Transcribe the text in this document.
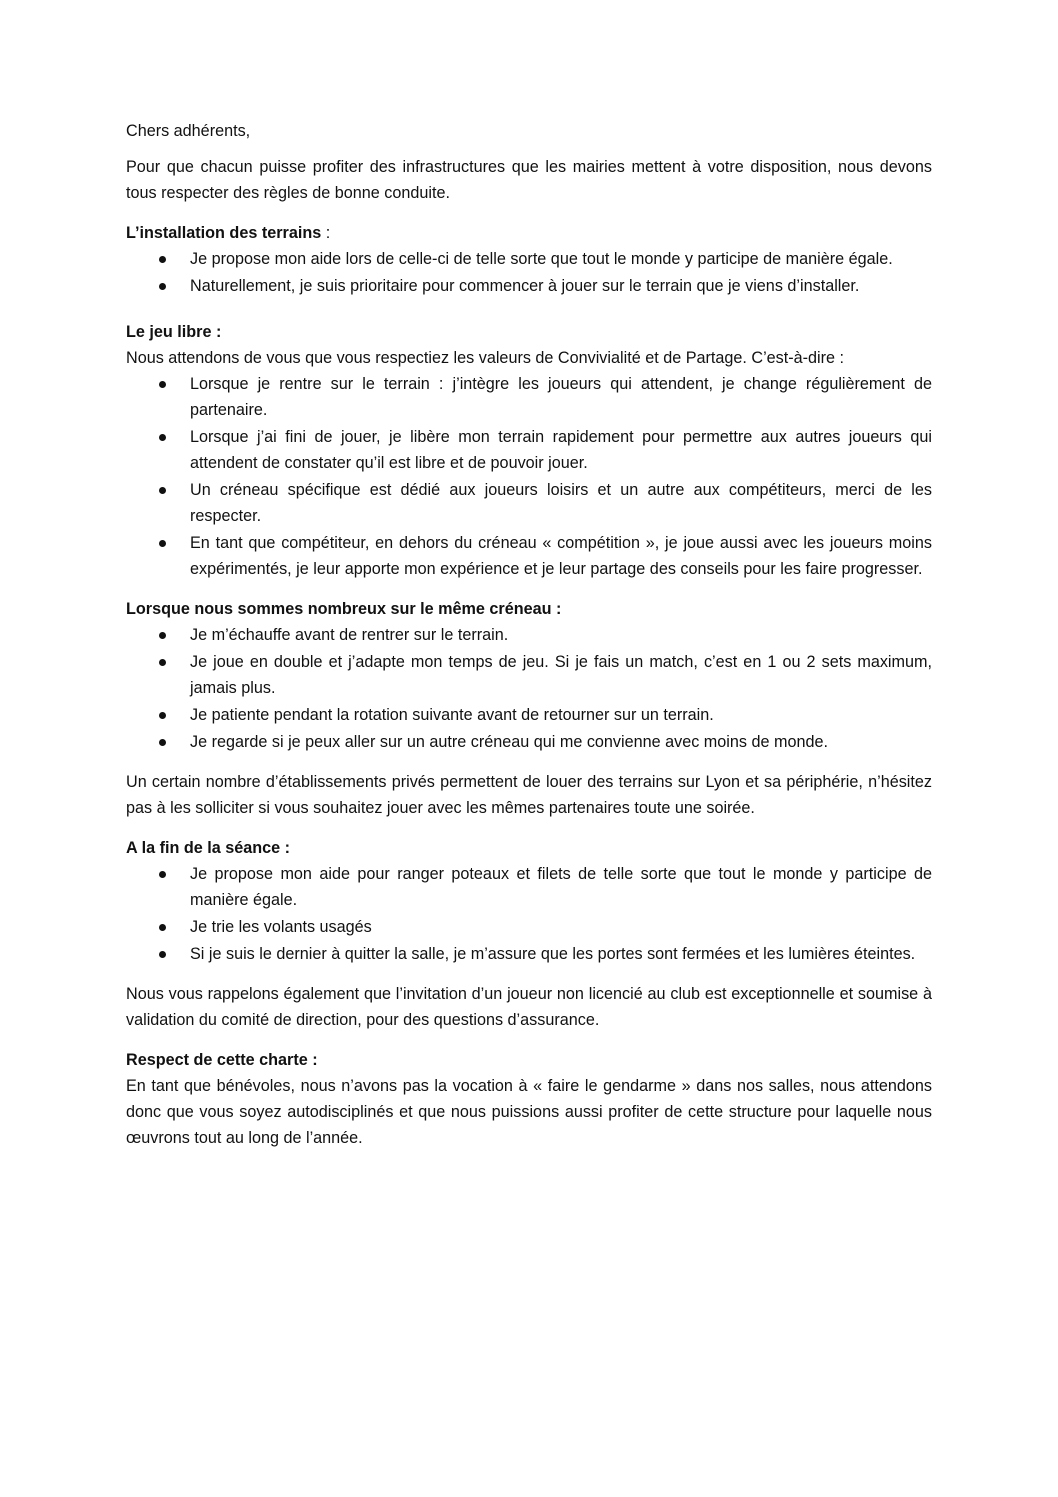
Chers adhérents,

Pour que chacun puisse profiter des infrastructures que les mairies mettent à votre disposition, nous devons tous respecter des règles de bonne conduite.

L’installation des terrains :

Je propose mon aide lors de celle-ci de telle sorte que tout le monde y participe de manière égale.
Naturellement, je suis prioritaire pour commencer à jouer sur le terrain que je viens d’installer.

Le jeu libre :

Nous attendons de vous que vous respectiez les valeurs de Convivialité et de Partage. C’est-à-dire :

Lorsque je rentre sur le terrain : j’intègre les joueurs qui attendent, je change régulièrement de partenaire.
Lorsque j’ai fini de jouer, je libère mon terrain rapidement pour permettre aux autres joueurs qui attendent de constater qu’il est libre et de pouvoir jouer.
Un créneau spécifique est dédié aux joueurs loisirs et un autre aux compétiteurs, merci de les respecter.
En tant que compétiteur, en dehors du créneau « compétition », je joue aussi avec les joueurs moins expérimentés, je leur apporte mon expérience et je leur partage des conseils pour les faire progresser.

Lorsque nous sommes nombreux sur le même créneau :

Je m’échauffe avant de rentrer sur le terrain.
Je joue en double et j’adapte mon temps de jeu. Si je fais un match, c’est en 1 ou 2 sets maximum, jamais plus.
Je patiente pendant la rotation suivante avant de retourner sur un terrain.
Je regarde si je peux aller sur un autre créneau qui me convienne avec moins de monde.

Un certain nombre d’établissements privés permettent de louer des terrains sur Lyon et sa périphérie, n’hésitez pas à les solliciter si vous souhaitez jouer avec les mêmes partenaires toute une soirée.

A la fin de la séance :

Je propose mon aide pour ranger poteaux et filets de telle sorte que tout le monde y participe de manière égale.
Je trie les volants usagés
Si je suis le dernier à quitter la salle, je m’assure que les portes sont fermées et les lumières éteintes.

Nous vous rappelons également que l’invitation d’un joueur non licencié au club est exceptionnelle et soumise à validation du comité de direction, pour des questions d’assurance.

Respect de cette charte :

En tant que bénévoles, nous n’avons pas la vocation à « faire le gendarme » dans nos salles, nous attendons donc que vous soyez autodisciplinés et que nous puissions aussi profiter de cette structure pour laquelle nous œuvrons tout au long de l’année.
